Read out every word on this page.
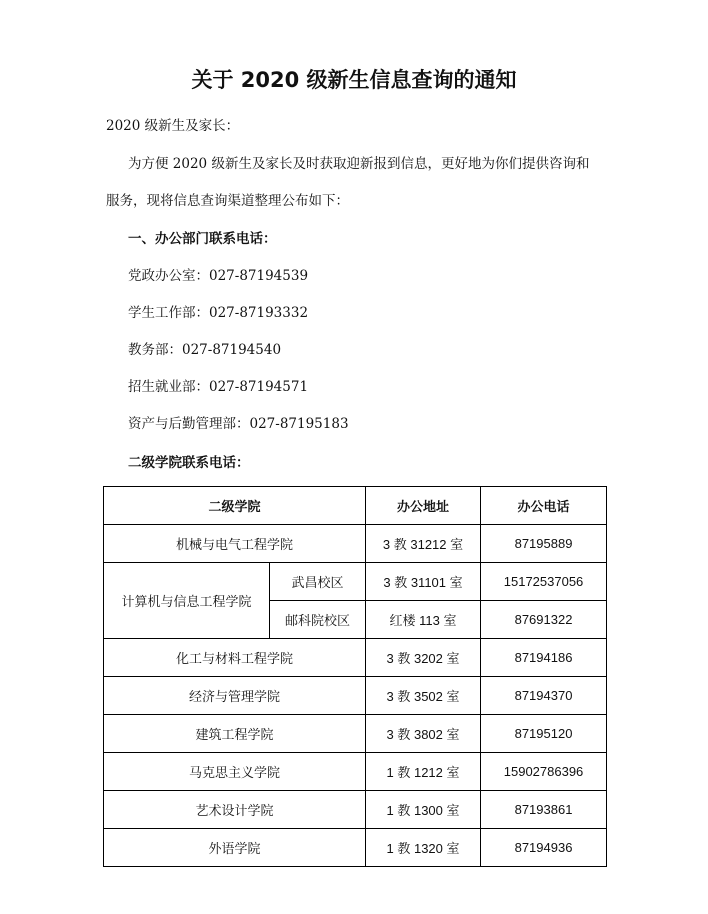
关于 2020 级新生信息查询的通知
2020 级新生及家长：
为方便 2020 级新生及家长及时获取迎新报到信息，更好地为你们提供咨询和
服务，现将信息查询渠道整理公布如下：
一、办公部门联系电话：
党政办公室：027-87194539
学生工作部：027-87193332
教务部：027-87194540
招生就业部：027-87194571
资产与后勤管理部：027-87195183
二级学院联系电话：
二级学院		办公地址	办公电话
机械与电气工程学院		3 教 31212 室	87195889
计算机与信息工程学院	武昌校区	3 教 31101 室	15172537056
	邮科院校区	红楼 113 室	87691322
化工与材料工程学院		3 教 3202 室	87194186
经济与管理学院		3 教 3502 室	87194370
建筑工程学院		3 教 3802 室	87195120
马克思主义学院		1 教 1212 室	15902786396
艺术设计学院		1 教 1300 室	87193861
外语学院		1 教 1320 室	87194936
